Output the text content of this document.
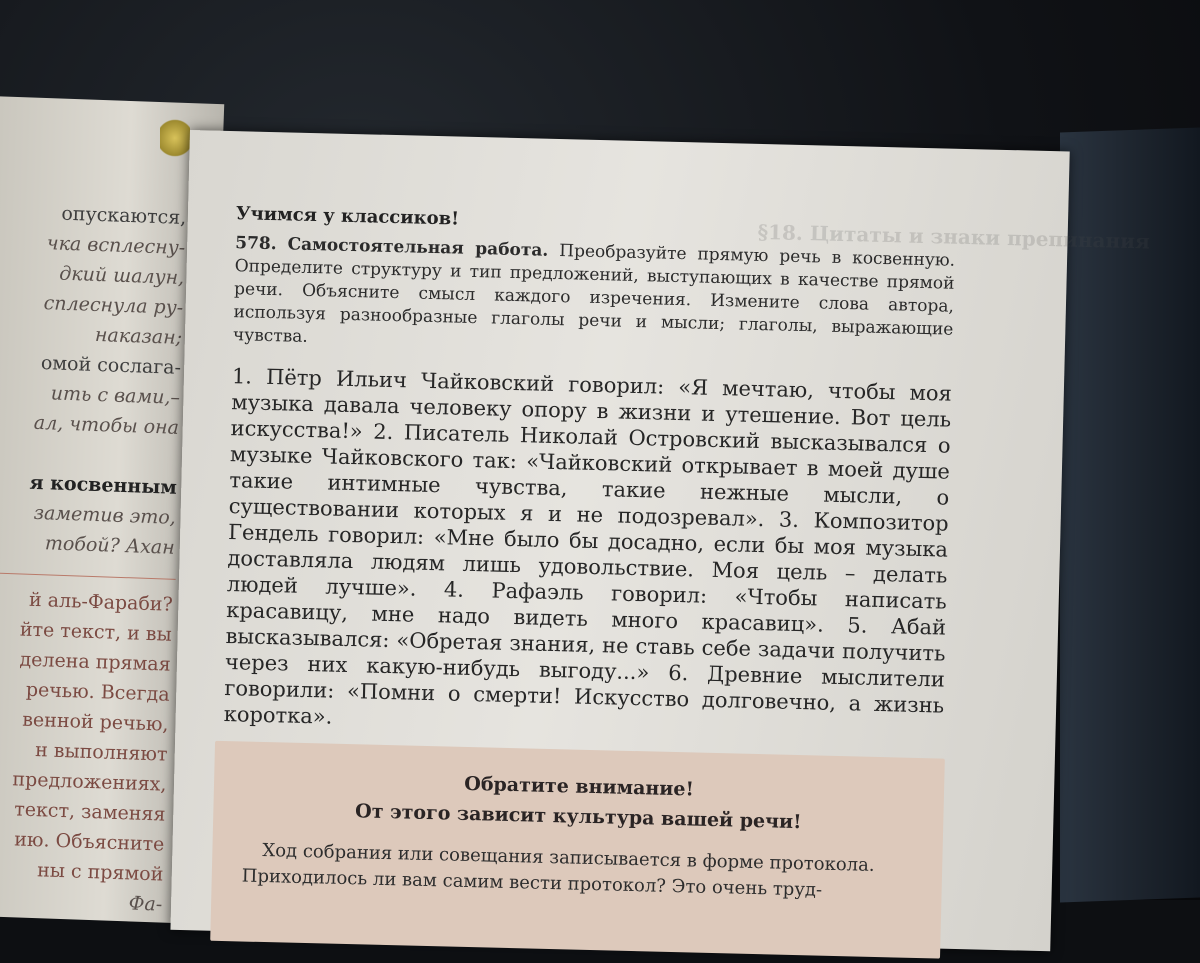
опускаются,
чка всплесну-
дкий шалун,
сплеснула ру-
наказан;
омой сослага-
ить с вами,–
ал, чтобы она

я косвенным
заметив это,
тобой? Ахан
й аль-Фараби?
йте текст, и вы
делена прямая
речью. Всегда
венной речью,
н выполняют
предложениях,
текст, заменяя
ию. Объясните
ны с прямой
Фа-
§18. Цитаты и знаки препинания
Учимся у классиков!
578. Самостоятельная работа. Преобразуйте прямую речь в косвенную. Определите структуру и тип предложений, выступающих в качестве прямой речи. Объясните смысл каждого изречения. Измените слова автора, используя разнообразные глаголы речи и мысли; глаголы, выражающие чувства.
1. Пётр Ильич Чайковский говорил: «Я мечтаю, чтобы моя музыка давала человеку опору в жизни и утешение. Вот цель искусства!» 2. Писатель Николай Островский высказывался о музыке Чайковского так: «Чайковский открывает в моей душе такие интимные чувства, такие нежные мысли, о существовании которых я и не подозревал». 3. Композитор Гендель говорил: «Мне было бы досадно, если бы моя музыка доставляла людям лишь удовольствие. Моя цель – делать людей лучше». 4. Рафаэль говорил: «Чтобы написать красавицу, мне надо видеть много красавиц». 5. Абай высказывался: «Обретая знания, не ставь себе задачи получить через них какую-нибудь выгоду...» 6. Древние мыслители говорили: «Помни о смерти! Искусство долговечно, а жизнь коротка».
Обратите внимание!
От этого зависит культура вашей речи!
Ход собрания или совещания записывается в форме протокола. Приходилось ли вам самим вести протокол? Это очень труд-
